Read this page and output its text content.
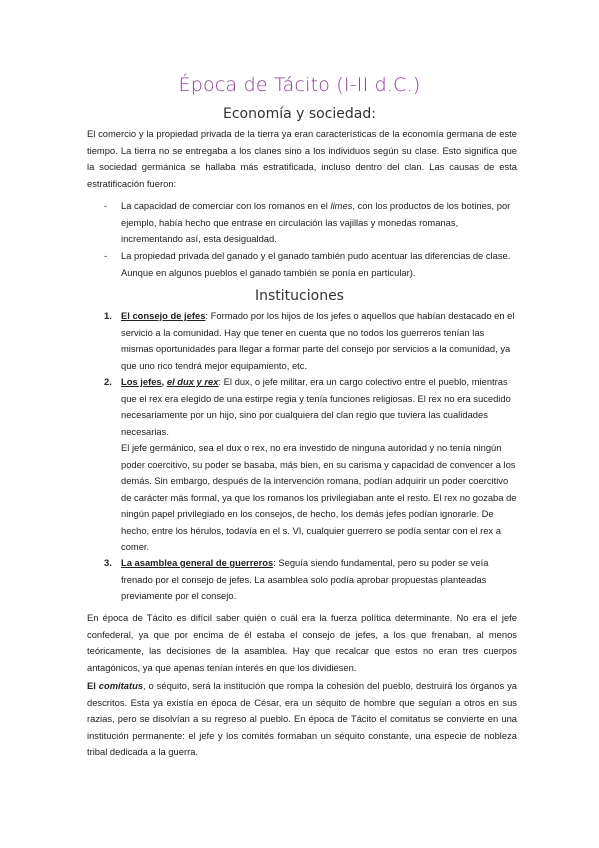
Época de Tácito (I-II d.C.)
Economía y sociedad:
El comercio y la propiedad privada de la tierra ya eran características de la economía germana de este tiempo. La tierra no se entregaba a los clanes sino a los individuos según su clase. Esto significa que la sociedad germánica se hallaba más estratificada, incluso dentro del clan. Las causas de esta estratificación fueron:
- La capacidad de comerciar con los romanos en el limes, con los productos de los botines, por ejemplo, había hecho que entrase en circulación las vajillas y monedas romanas, incrementando así, esta desigualdad.
- La propiedad privada del ganado y el ganado también pudo acentuar las diferencias de clase. Aunque en algunos pueblos el ganado también se ponía en particular).
Instituciones
1. El consejo de jefes: Formado por los hijos de los jefes o aquellos que habían destacado en el servicio a la comunidad. Hay que tener en cuenta que no todos los guerreros tenían las mismas oportunidades para llegar a formar parte del consejo por servicios a la comunidad, ya que uno rico tendrá mejor equipamiento, etc.
2. Los jefes, el dux y rex: El dux, o jefe militar, era un cargo colectivo entre el pueblo, mientras que el rex era elegido de una estirpe regia y tenía funciones religiosas. El rex no era sucedido necesariamente por un hijo, sino por cualquiera del clan regio que tuviera las cualidades necesarias.
El jefe germánico, sea el dux o rex, no era investido de ninguna autoridad y no tenía ningún poder coercitivo, su poder se basaba, más bien, en su carisma y capacidad de convencer a los demás. Sin embargo, después de la intervención romana, podían adquirir un poder coercitivo de carácter más formal, ya que los romanos los privilegiaban ante el resto. El rex no gozaba de ningún papel privilegiado en los consejos, de hecho, los demás jefes podían ignorarle. De hecho, entre los hérulos, todavía en el s. VI, cualquier guerrero se podía sentar con el rex a comer.
3. La asamblea general de guerreros: Seguía siendo fundamental, pero su poder se veía frenado por el consejo de jefes. La asamblea solo podía aprobar propuestas planteadas previamente por el consejo.
En época de Tácito es difícil saber quién o cuál era la fuerza política determinante. No era el jefe confederal, ya que por encima de él estaba el consejo de jefes, a los que frenaban, al menos teóricamente, las decisiones de la asamblea. Hay que recalcar que estos no eran tres cuerpos antagónicos, ya que apenas tenían interés en que los dividiesen.
El comitatus, o séquito, será la institución que rompa la cohesión del pueblo, destruirá los órganos ya descritos. Esta ya existía en época de César, era un séquito de hombre que seguían a otros en sus razias, pero se disolvían a su regreso al pueblo. En época de Tácito el comitatus se convierte en una institución permanente: el jefe y los comités formaban un séquito constante, una especie de nobleza tribal dedicada a la guerra.
